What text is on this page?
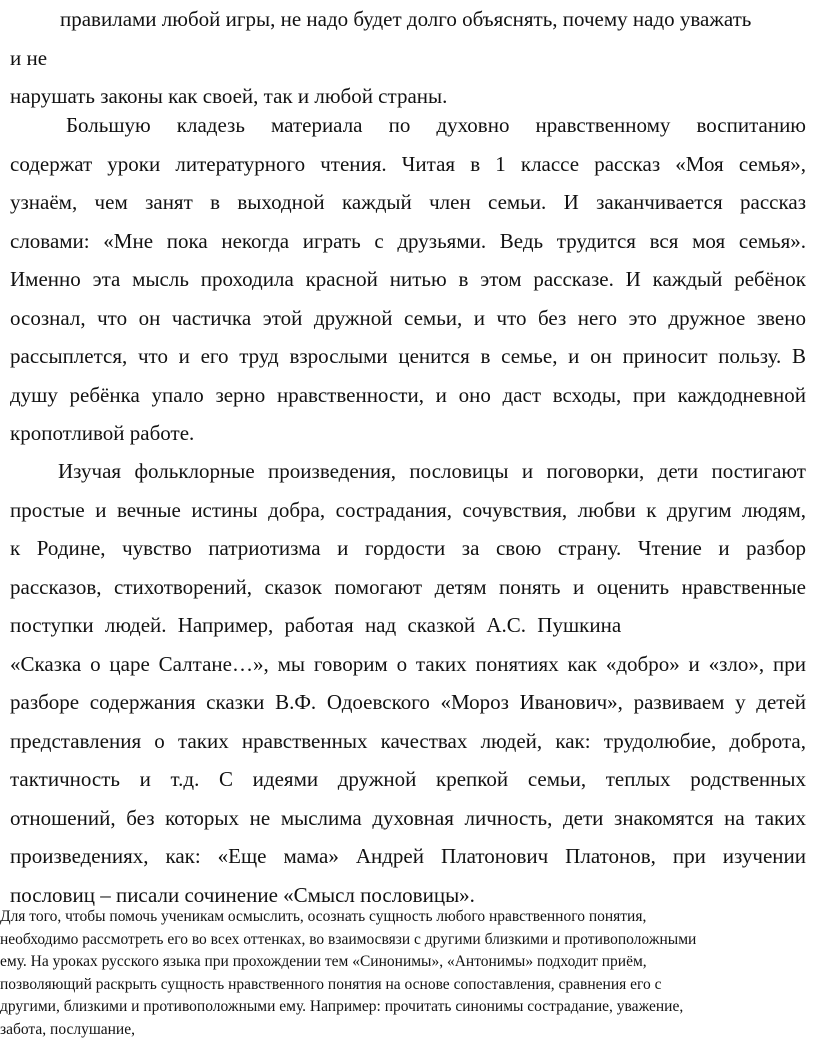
правилами любой игры, не надо будет долго объяснять, почему надо уважать
и не
нарушать законы как своей, так и любой страны.
Большую кладезь материала по духовно нравственному воспитанию
содержат уроки литературного чтения. Читая в 1 классе рассказ «Моя семья»,
узнаём, чем занят в выходной каждый член семьи. И заканчивается рассказ
словами: «Мне пока некогда играть с друзьями. Ведь трудится вся моя семья».
Именно эта мысль проходила красной нитью в этом рассказе. И каждый ребёнок
осознал, что он частичка этой дружной семьи, и что без него это дружное звено
рассыплется, что и его труд взрослыми ценится в семье, и он приносит пользу. В
душу ребёнка упало зерно нравственности, и оно даст всходы, при каждодневной
кропотливой работе.
Изучая фольклорные произведения, пословицы и поговорки, дети постигают
простые и вечные истины добра, сострадания, сочувствия, любви к другим людям,
к Родине, чувство патриотизма и гордости за свою страну. Чтение и разбор
рассказов, стихотворений, сказок помогают детям понять и оценить нравственные
поступки людей. Например, работая над сказкой А.С. Пушкина
«Сказка о царе Салтане…», мы говорим о таких понятиях как «добро» и «зло», при
разборе содержания сказки В.Ф. Одоевского «Мороз Иванович», развиваем у детей
представления о таких нравственных качествах людей, как: трудолюбие, доброта,
тактичность и т.д. С идеями дружной крепкой семьи, теплых родственных
отношений, без которых не мыслима духовная личность, дети знакомятся на таких
произведениях, как: «Еще мама» Андрей Платонович Платонов, при изучении
пословиц – писали сочинение «Смысл пословицы».
Для того, чтобы помочь ученикам осмыслить, осознать сущность любого нравственного понятия,
необходимо рассмотреть его во всех оттенках, во взаимосвязи с другими близкими и противоположными
ему. На уроках русского языка при прохождении тем «Синонимы», «Антонимы» подходит приём,
позволяющий раскрыть сущность нравственного понятия на основе сопоставления, сравнения его с
другими, близкими и противоположными ему. Например: прочитать синонимы сострадание, уважение,
забота, послушание,
